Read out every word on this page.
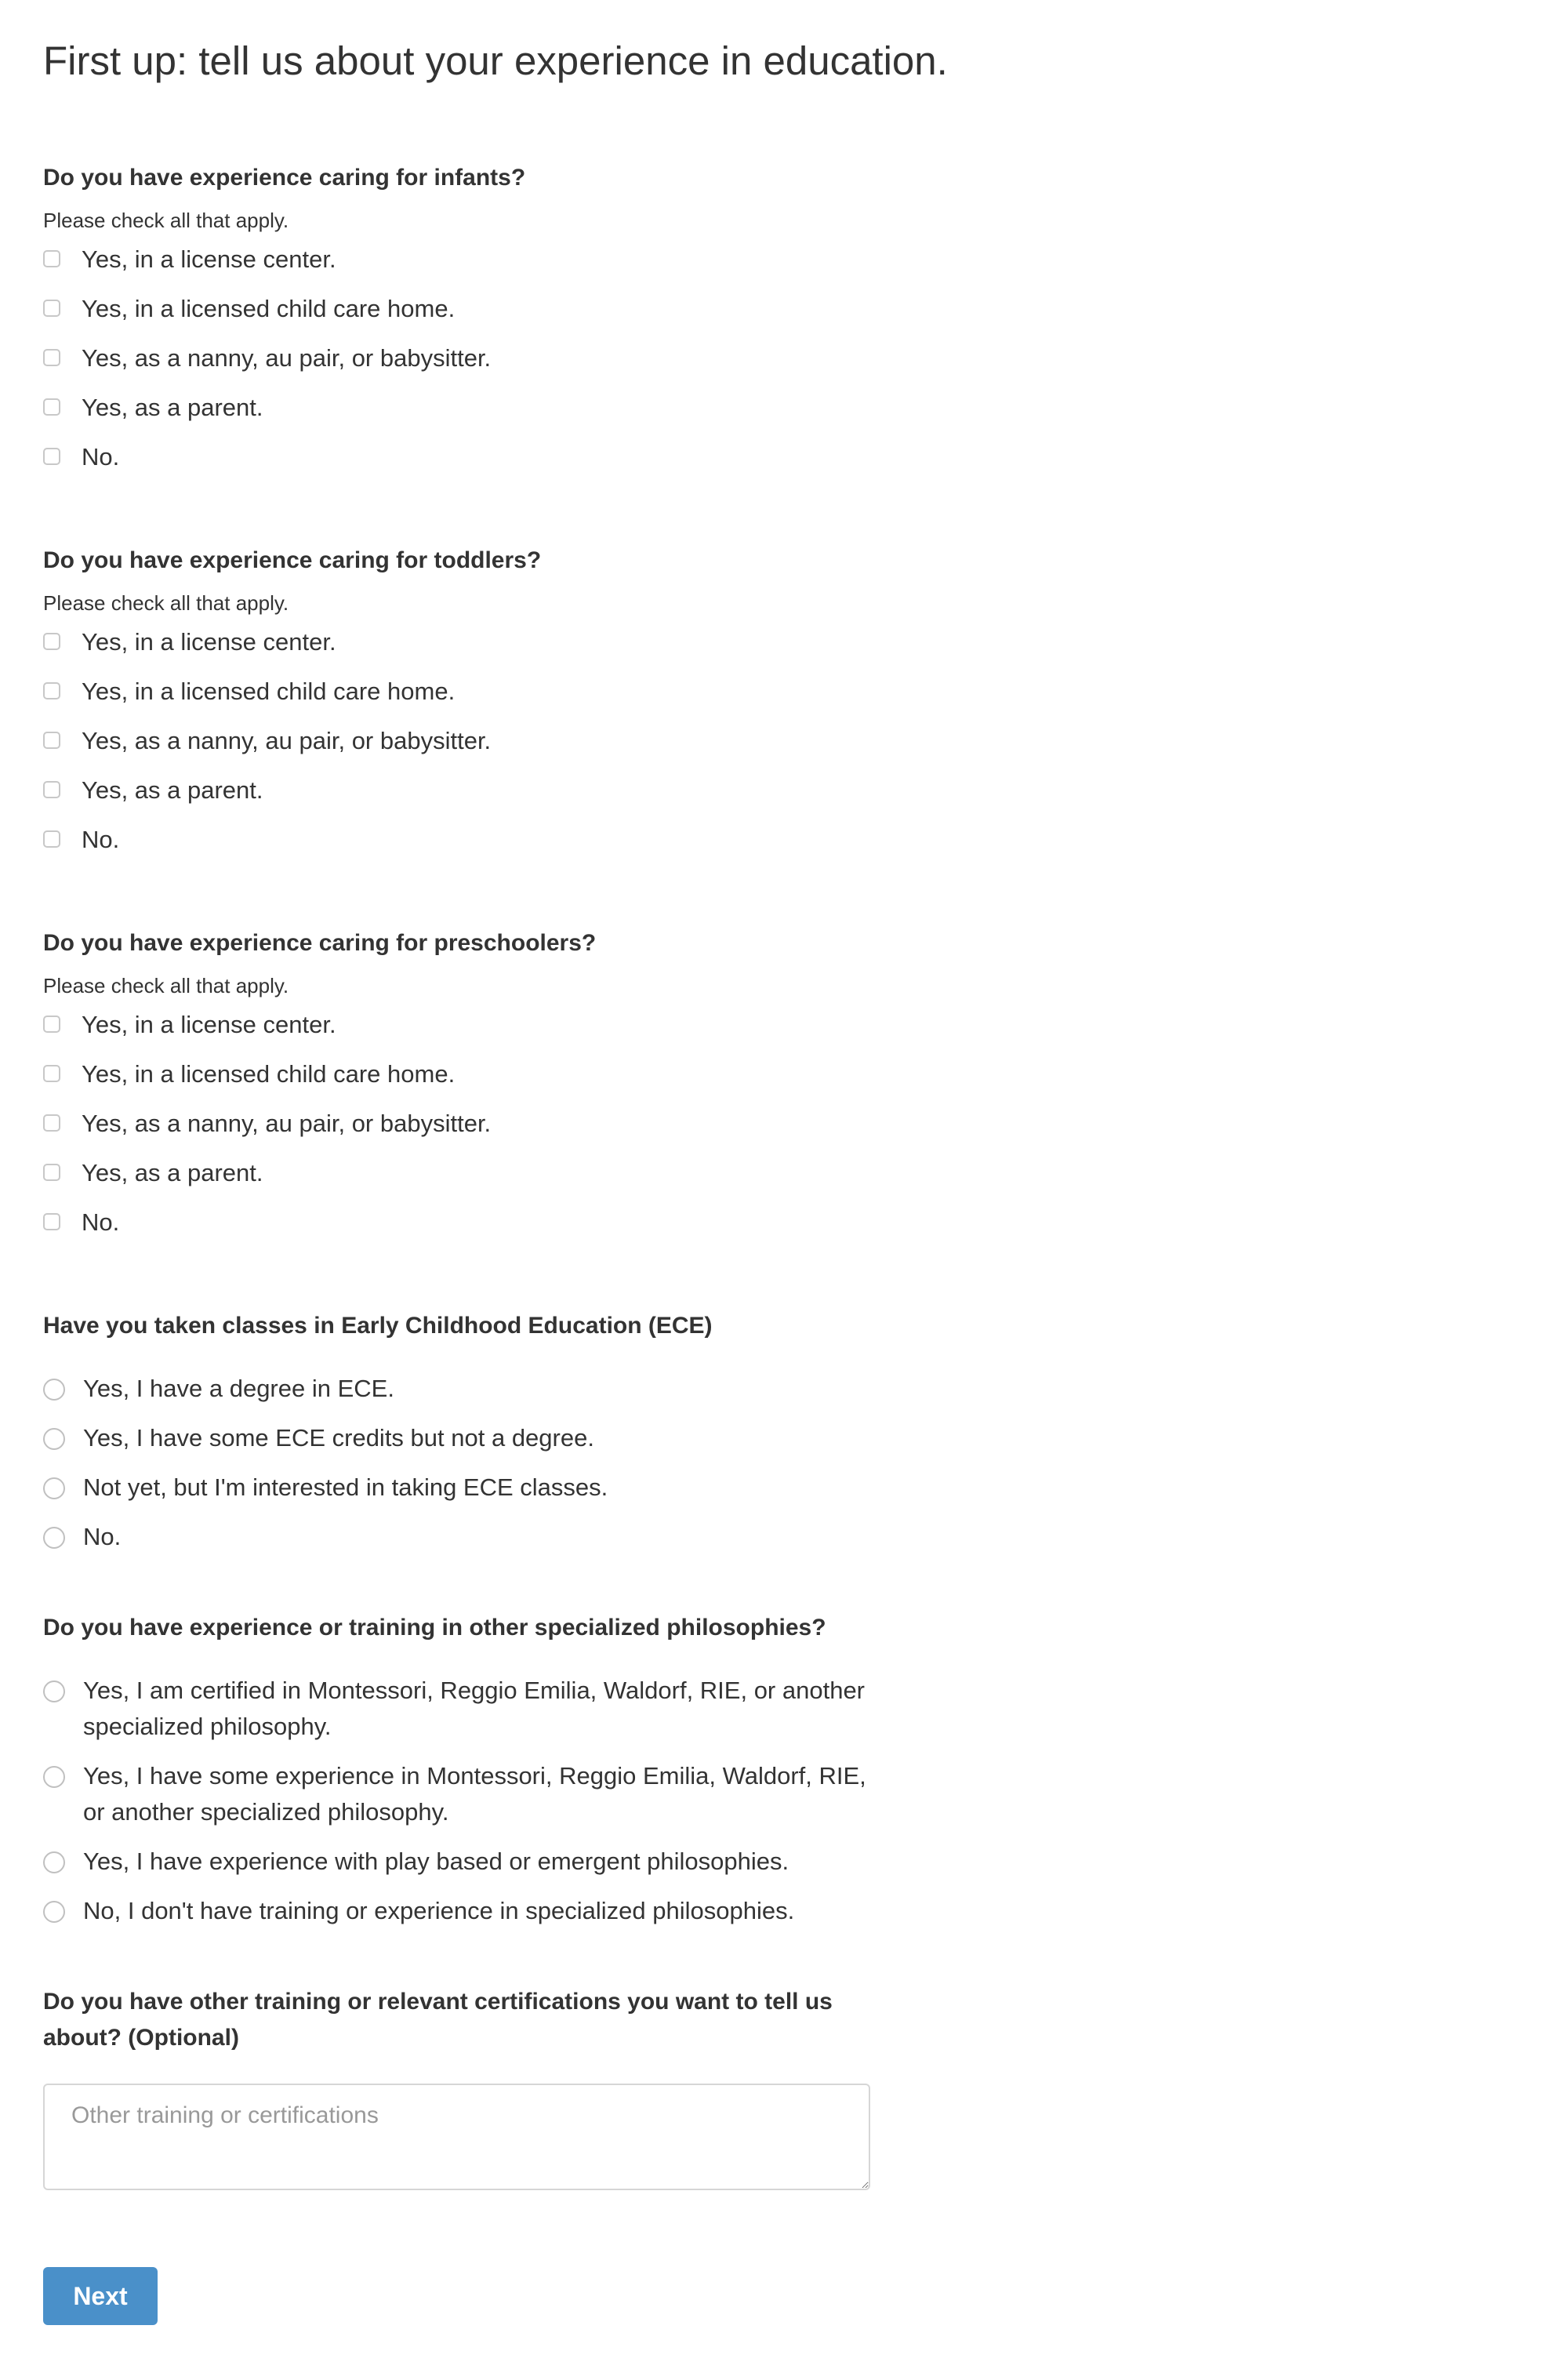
First up: tell us about your experience in education.

Do you have experience caring for infants?

Please check all that apply.

Yes, in a license center.
Yes, in a licensed child care home.
Yes, as a nanny, au pair, or babysitter.
Yes, as a parent.
No.

Do you have experience caring for toddlers?

Please check all that apply.

Yes, in a license center.
Yes, in a licensed child care home.
Yes, as a nanny, au pair, or babysitter.
Yes, as a parent.
No.

Do you have experience caring for preschoolers?

Please check all that apply.

Yes, in a license center.
Yes, in a licensed child care home.
Yes, as a nanny, au pair, or babysitter.
Yes, as a parent.
No.

Have you taken classes in Early Childhood Education (ECE)

Yes, I have a degree in ECE.
Yes, I have some ECE credits but not a degree.
Not yet, but I'm interested in taking ECE classes.
No.

Do you have experience or training in other specialized philosophies?

Yes, I am certified in Montessori, Reggio Emilia, Waldorf, RIE, or another specialized philosophy.
Yes, I have some experience in Montessori, Reggio Emilia, Waldorf, RIE, or another specialized philosophy.
Yes, I have experience with play based or emergent philosophies.
No, I don't have training or experience in specialized philosophies.

Do you have other training or relevant certifications you want to tell us about? (Optional)

Other training or certifications
Next
